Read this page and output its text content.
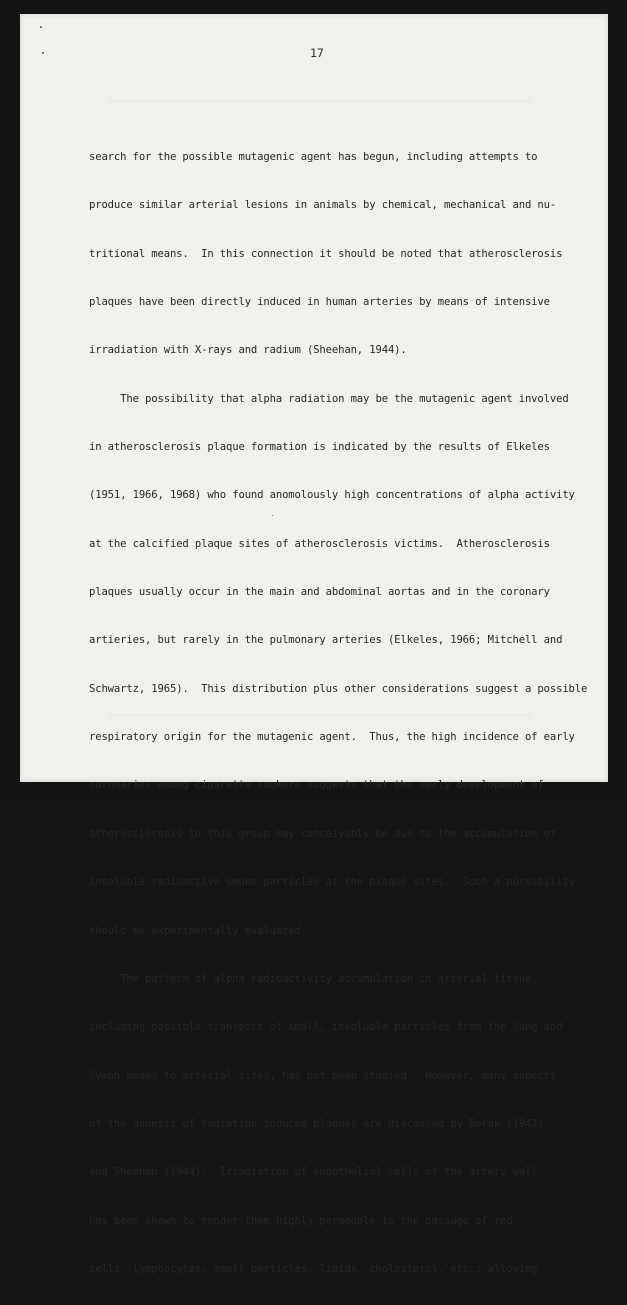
17

search for the possible mutagenic agent has begun, including attempts to

produce similar arterial lesions in animals by chemical, mechanical and nu-

tritional means.  In this connection it should be noted that atherosclerosis

plaques have been directly induced in human arteries by means of intensive

irradiation with X-rays and radium (Sheehan, 1944).

The possibility that alpha radiation may be the mutagenic agent involved

in atherosclerosis plaque formation is indicated by the results of Elkeles

(1951, 1966, 1968) who found anomolously high concentrations of alpha activity

at the calcified plaque sites of atherosclerosis victims.  Atherosclerosis

plaques usually occur in the main and abdominal aortas and in the coronary

artieries, but rarely in the pulmonary arteries (Elkeles, 1966; Mitchell and

Schwartz, 1965).  This distribution plus other considerations suggest a possible

respiratory origin for the mutagenic agent.  Thus, the high incidence of early

coronaries among cigarette smokers suggests that the early development of

atherosclerosis in this group may conceivably be due to the accumulation of

insoluble radioactive smoke particles at the plaque sites.  Such a possibility

should be experimentally evaluated.

The pattern of alpha radioactivity accumulation in arterial tissue,

including possible transport of small, insoluble particles from the lung and

lymph nodes to arterial sites, has not been studied.  However, many aspects

of the genesis of radiation induced plaques are discussed by Borak (1942)

and Sheehan (1944).  Irradiation of endothelial cells of the artery wall

has been shown to render them highly permeable to the passage of red

cells, lymphocytes, small particles, lipids, cholesterol, etc.; allowing
